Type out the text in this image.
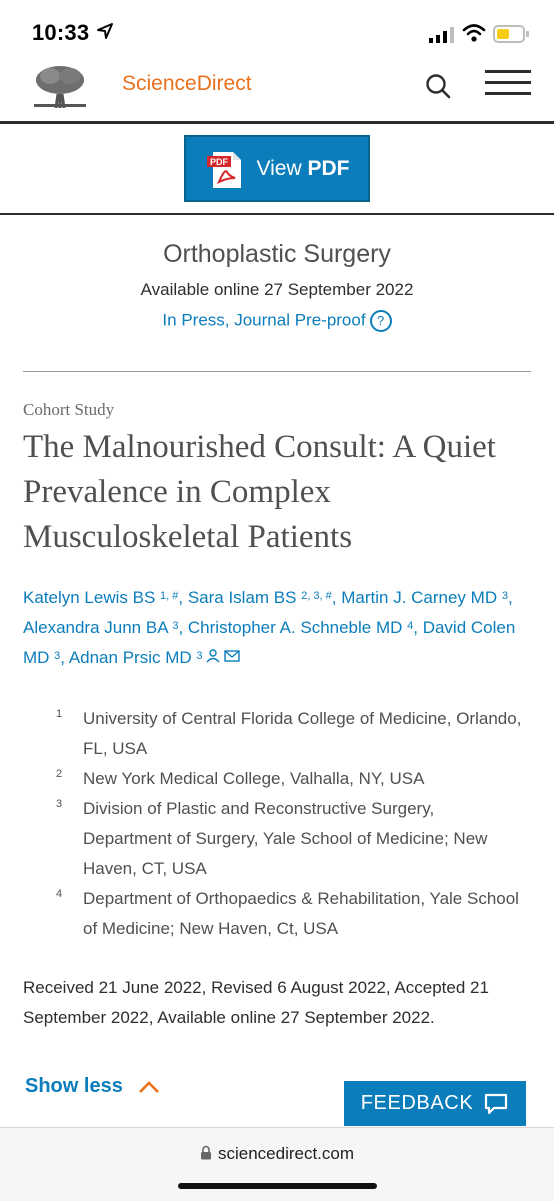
10:33
ScienceDirect
PDF View PDF
Orthoplastic Surgery
Available online 27 September 2022
In Press, Journal Pre-proof ?
Cohort Study
The Malnourished Consult: A Quiet Prevalence in Complex Musculoskeletal Patients
Katelyn Lewis BS $^{1, \#}$, Sara Islam BS $^{2, 3, \#}$, Martin J. Carney MD $^3$, Alexandra Junn BA $^3$, Christopher A. Schneble MD $^4$, David Colen MD $^3$, Adnan Prsic MD $^3$
1	University of Central Florida College of Medicine, Orlando, FL, USA
2	New York Medical College, Valhalla, NY, USA
3	Division of Plastic and Reconstructive Surgery, Department of Surgery, Yale School of Medicine; New Haven, CT, USA
4	Department of Orthopaedics & Rehabilitation, Yale School of Medicine; New Haven, Ct, USA
Received 21 June 2022, Revised 6 August 2022, Accepted 21 September 2022, Available online 27 September 2022.
Show less
FEEDBACK
sciencedirect.com
